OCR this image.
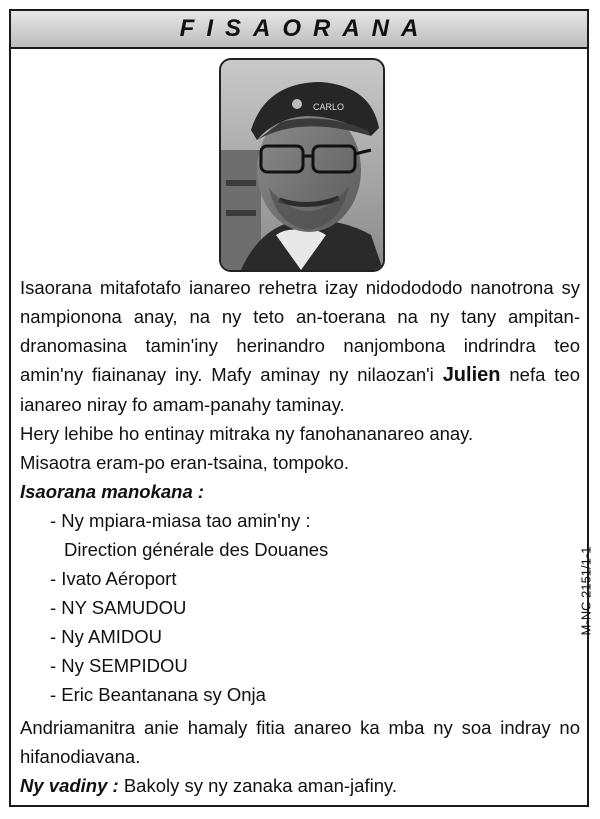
FISAORANA
CARLO

Isaorana mitafotafo ianareo rehetra izay nidodododo nanotrona sy nampionona anay, na ny teto an-toerana na ny tany ampitan-dranomasina tamin'iny herinandro nanjombona indrindra teo amin'ny fiainanay iny. Mafy aminay ny nilaozan'i Julien nefa teo ianareo niray fo amam-panahy taminay.

Hery lehibe ho entinay mitraka ny fanohananareo anay.

Misaotra eram-po eran-tsaina, tompoko.

Isaorana manokana :

- Ny mpiara-miasa tao amin'ny :
Direction générale des Douanes
- Ivato Aéroport
- NY SAMUDOU
- Ny AMIDOU
- Ny SEMPIDOU
- Eric Beantanana sy Onja

Andriamanitra anie hamaly fitia anareo ka mba ny soa indray no hifanodiavana.

Ny vadiny : Bakoly sy ny zanaka aman-jafiny.

M-NC 2151/1-1
